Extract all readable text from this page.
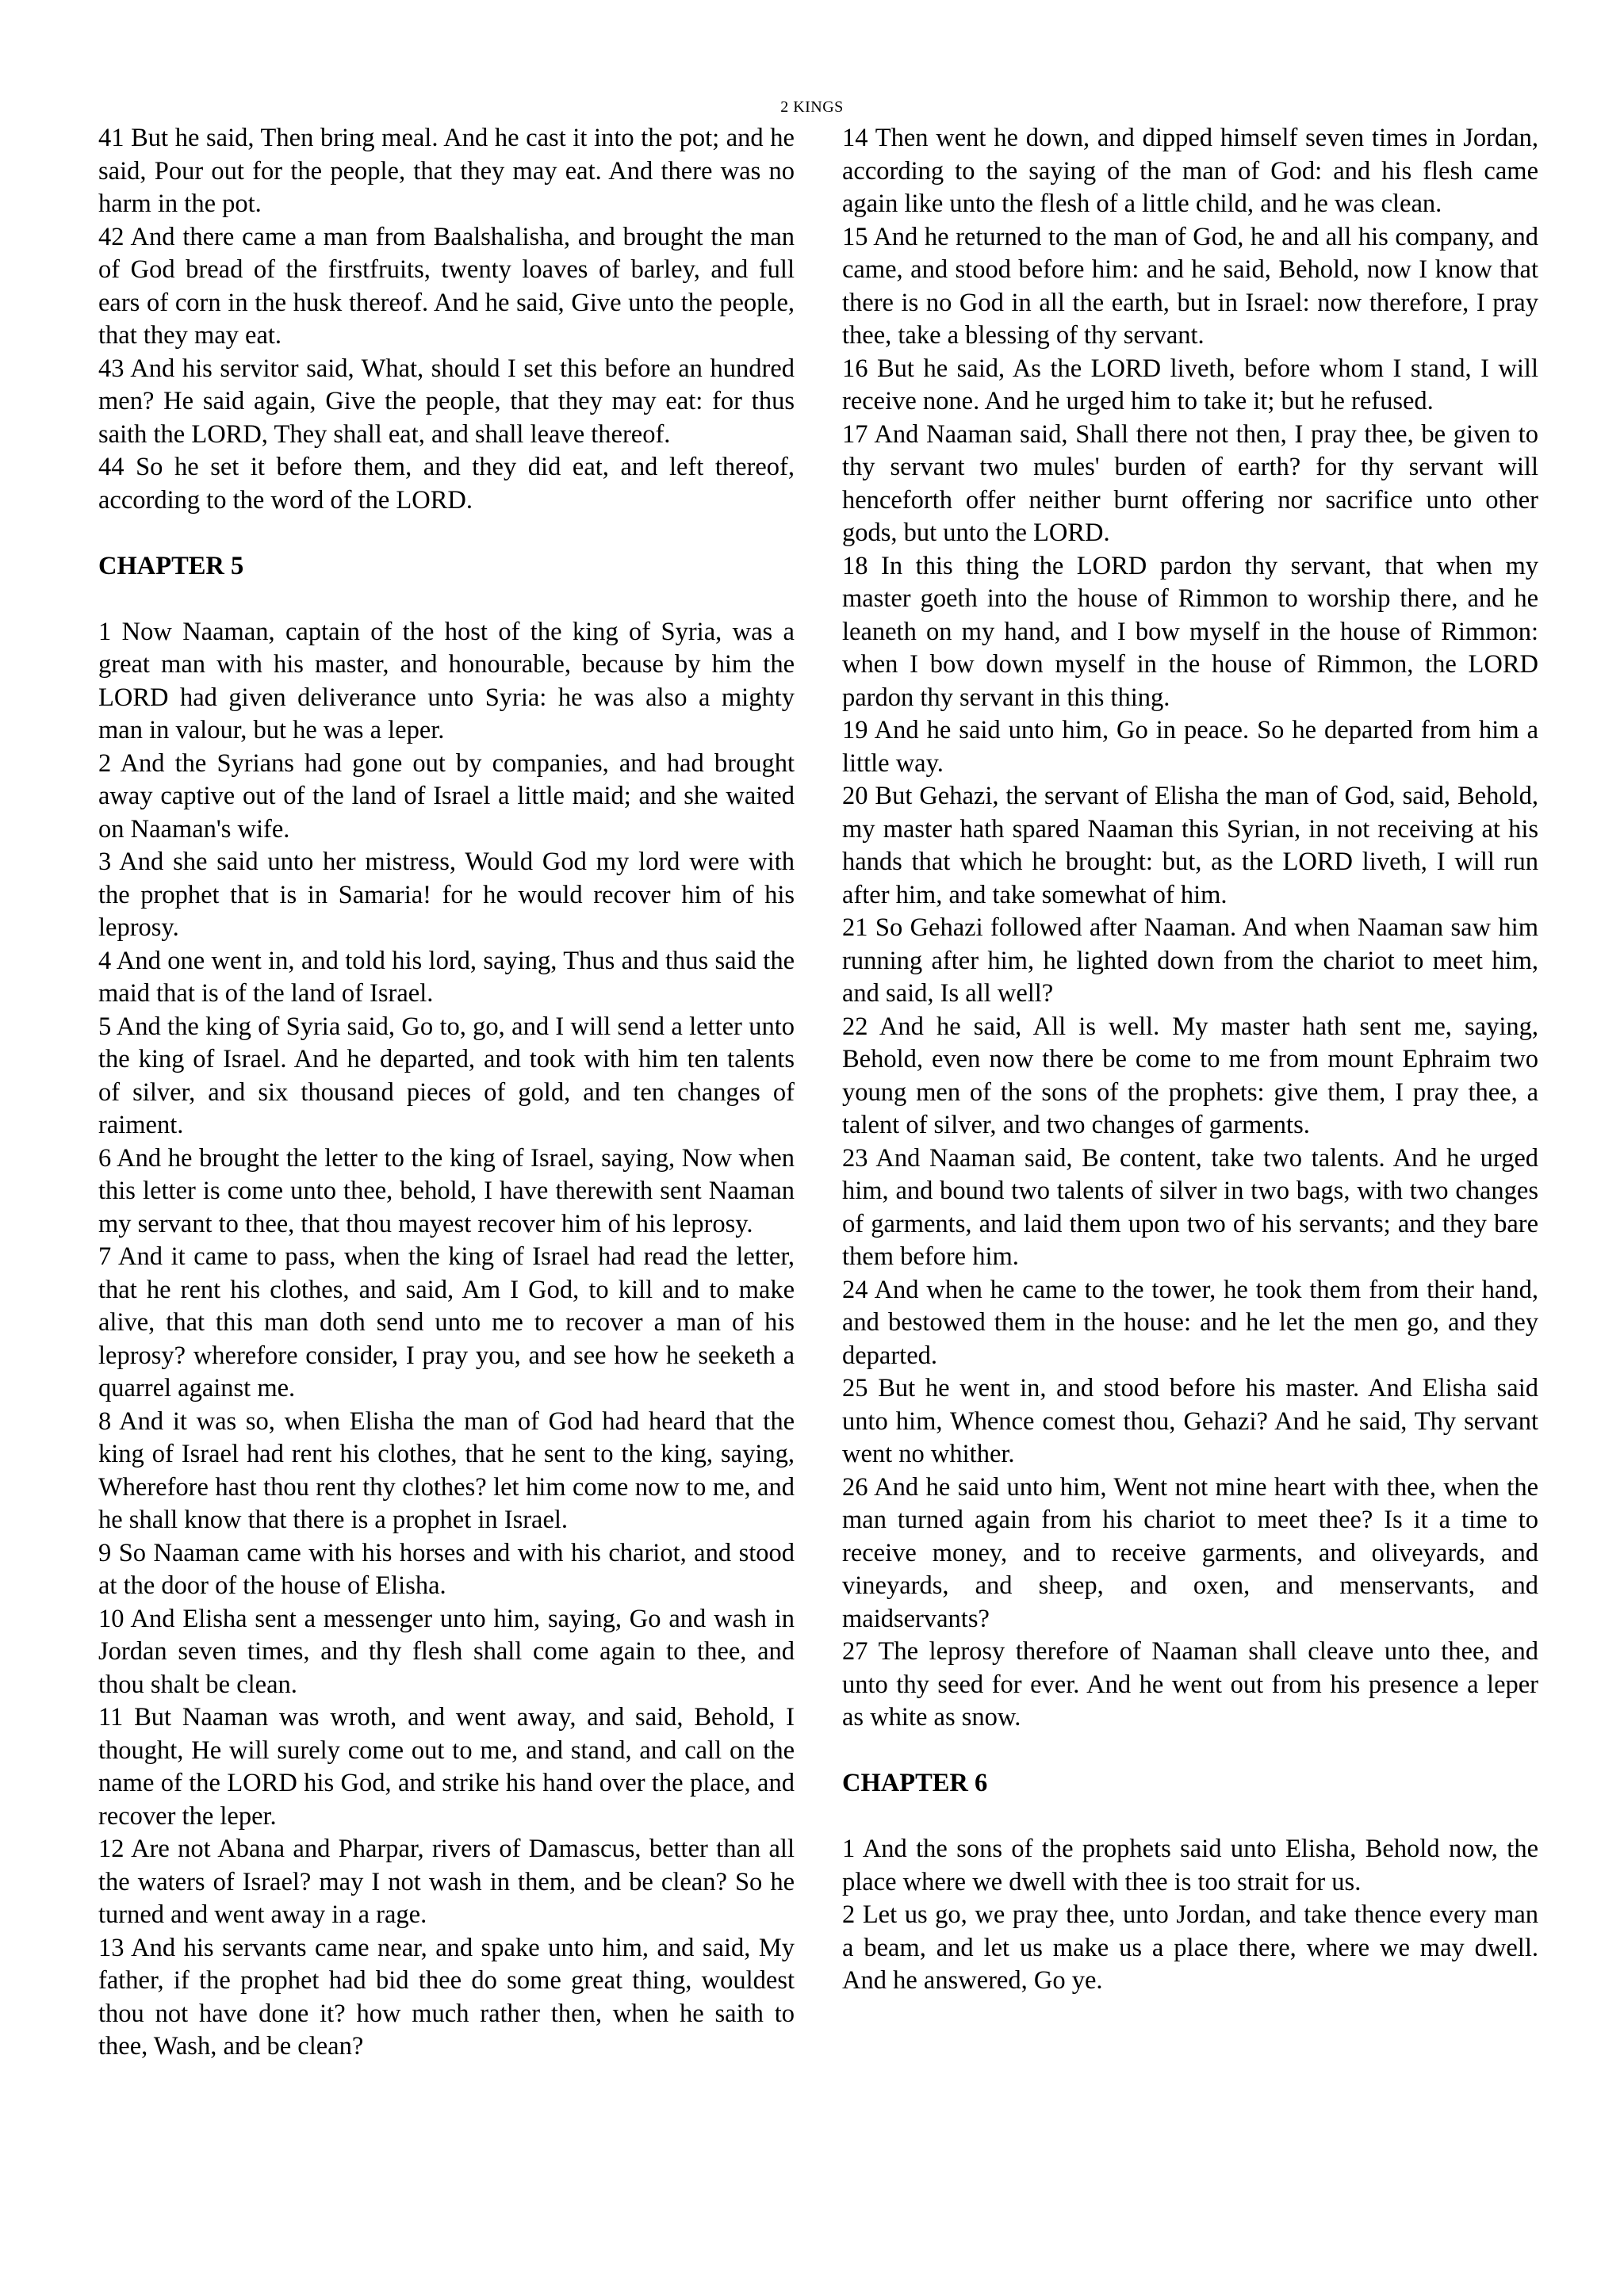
2 KINGS

41 But he said, Then bring meal. And he cast it into the pot; and he said, Pour out for the people, that they may eat. And there was no harm in the pot.

42 And there came a man from Baalshalisha, and brought the man of God bread of the firstfruits, twenty loaves of barley, and full ears of corn in the husk thereof. And he said, Give unto the people, that they may eat.

43 And his servitor said, What, should I set this before an hundred men? He said again, Give the people, that they may eat: for thus saith the LORD, They shall eat, and shall leave thereof.

44 So he set it before them, and they did eat, and left thereof, according to the word of the LORD.

CHAPTER 5

1 Now Naaman, captain of the host of the king of Syria, was a great man with his master, and honourable, because by him the LORD had given deliverance unto Syria: he was also a mighty man in valour, but he was a leper.

2 And the Syrians had gone out by companies, and had brought away captive out of the land of Israel a little maid; and she waited on Naaman's wife.

3 And she said unto her mistress, Would God my lord were with the prophet that is in Samaria! for he would recover him of his leprosy.

4 And one went in, and told his lord, saying, Thus and thus said the maid that is of the land of Israel.

5 And the king of Syria said, Go to, go, and I will send a letter unto the king of Israel. And he departed, and took with him ten talents of silver, and six thousand pieces of gold, and ten changes of raiment.

6 And he brought the letter to the king of Israel, saying, Now when this letter is come unto thee, behold, I have therewith sent Naaman my servant to thee, that thou mayest recover him of his leprosy.

7 And it came to pass, when the king of Israel had read the letter, that he rent his clothes, and said, Am I God, to kill and to make alive, that this man doth send unto me to recover a man of his leprosy? wherefore consider, I pray you, and see how he seeketh a quarrel against me.

8 And it was so, when Elisha the man of God had heard that the king of Israel had rent his clothes, that he sent to the king, saying, Wherefore hast thou rent thy clothes? let him come now to me, and he shall know that there is a prophet in Israel.

9 So Naaman came with his horses and with his chariot, and stood at the door of the house of Elisha.

10 And Elisha sent a messenger unto him, saying, Go and wash in Jordan seven times, and thy flesh shall come again to thee, and thou shalt be clean.

11 But Naaman was wroth, and went away, and said, Behold, I thought, He will surely come out to me, and stand, and call on the name of the LORD his God, and strike his hand over the place, and recover the leper.

12 Are not Abana and Pharpar, rivers of Damascus, better than all the waters of Israel? may I not wash in them, and be clean? So he turned and went away in a rage.

13 And his servants came near, and spake unto him, and said, My father, if the prophet had bid thee do some great thing, wouldest thou not have done it? how much rather then, when he saith to thee, Wash, and be clean?

14 Then went he down, and dipped himself seven times in Jordan, according to the saying of the man of God: and his flesh came again like unto the flesh of a little child, and he was clean.

15 And he returned to the man of God, he and all his company, and came, and stood before him: and he said, Behold, now I know that there is no God in all the earth, but in Israel: now therefore, I pray thee, take a blessing of thy servant.

16 But he said, As the LORD liveth, before whom I stand, I will receive none. And he urged him to take it; but he refused.

17 And Naaman said, Shall there not then, I pray thee, be given to thy servant two mules' burden of earth? for thy servant will henceforth offer neither burnt offering nor sacrifice unto other gods, but unto the LORD.

18 In this thing the LORD pardon thy servant, that when my master goeth into the house of Rimmon to worship there, and he leaneth on my hand, and I bow myself in the house of Rimmon: when I bow down myself in the house of Rimmon, the LORD pardon thy servant in this thing.

19 And he said unto him, Go in peace. So he departed from him a little way.

20 But Gehazi, the servant of Elisha the man of God, said, Behold, my master hath spared Naaman this Syrian, in not receiving at his hands that which he brought: but, as the LORD liveth, I will run after him, and take somewhat of him.

21 So Gehazi followed after Naaman. And when Naaman saw him running after him, he lighted down from the chariot to meet him, and said, Is all well?

22 And he said, All is well. My master hath sent me, saying, Behold, even now there be come to me from mount Ephraim two young men of the sons of the prophets: give them, I pray thee, a talent of silver, and two changes of garments.

23 And Naaman said, Be content, take two talents. And he urged him, and bound two talents of silver in two bags, with two changes of garments, and laid them upon two of his servants; and they bare them before him.

24 And when he came to the tower, he took them from their hand, and bestowed them in the house: and he let the men go, and they departed.

25 But he went in, and stood before his master. And Elisha said unto him, Whence comest thou, Gehazi? And he said, Thy servant went no whither.

26 And he said unto him, Went not mine heart with thee, when the man turned again from his chariot to meet thee? Is it a time to receive money, and to receive garments, and oliveyards, and vineyards, and sheep, and oxen, and menservants, and maidservants?

27 The leprosy therefore of Naaman shall cleave unto thee, and unto thy seed for ever. And he went out from his presence a leper as white as snow.

CHAPTER 6

1 And the sons of the prophets said unto Elisha, Behold now, the place where we dwell with thee is too strait for us.

2 Let us go, we pray thee, unto Jordan, and take thence every man a beam, and let us make us a place there, where we may dwell. And he answered, Go ye.
